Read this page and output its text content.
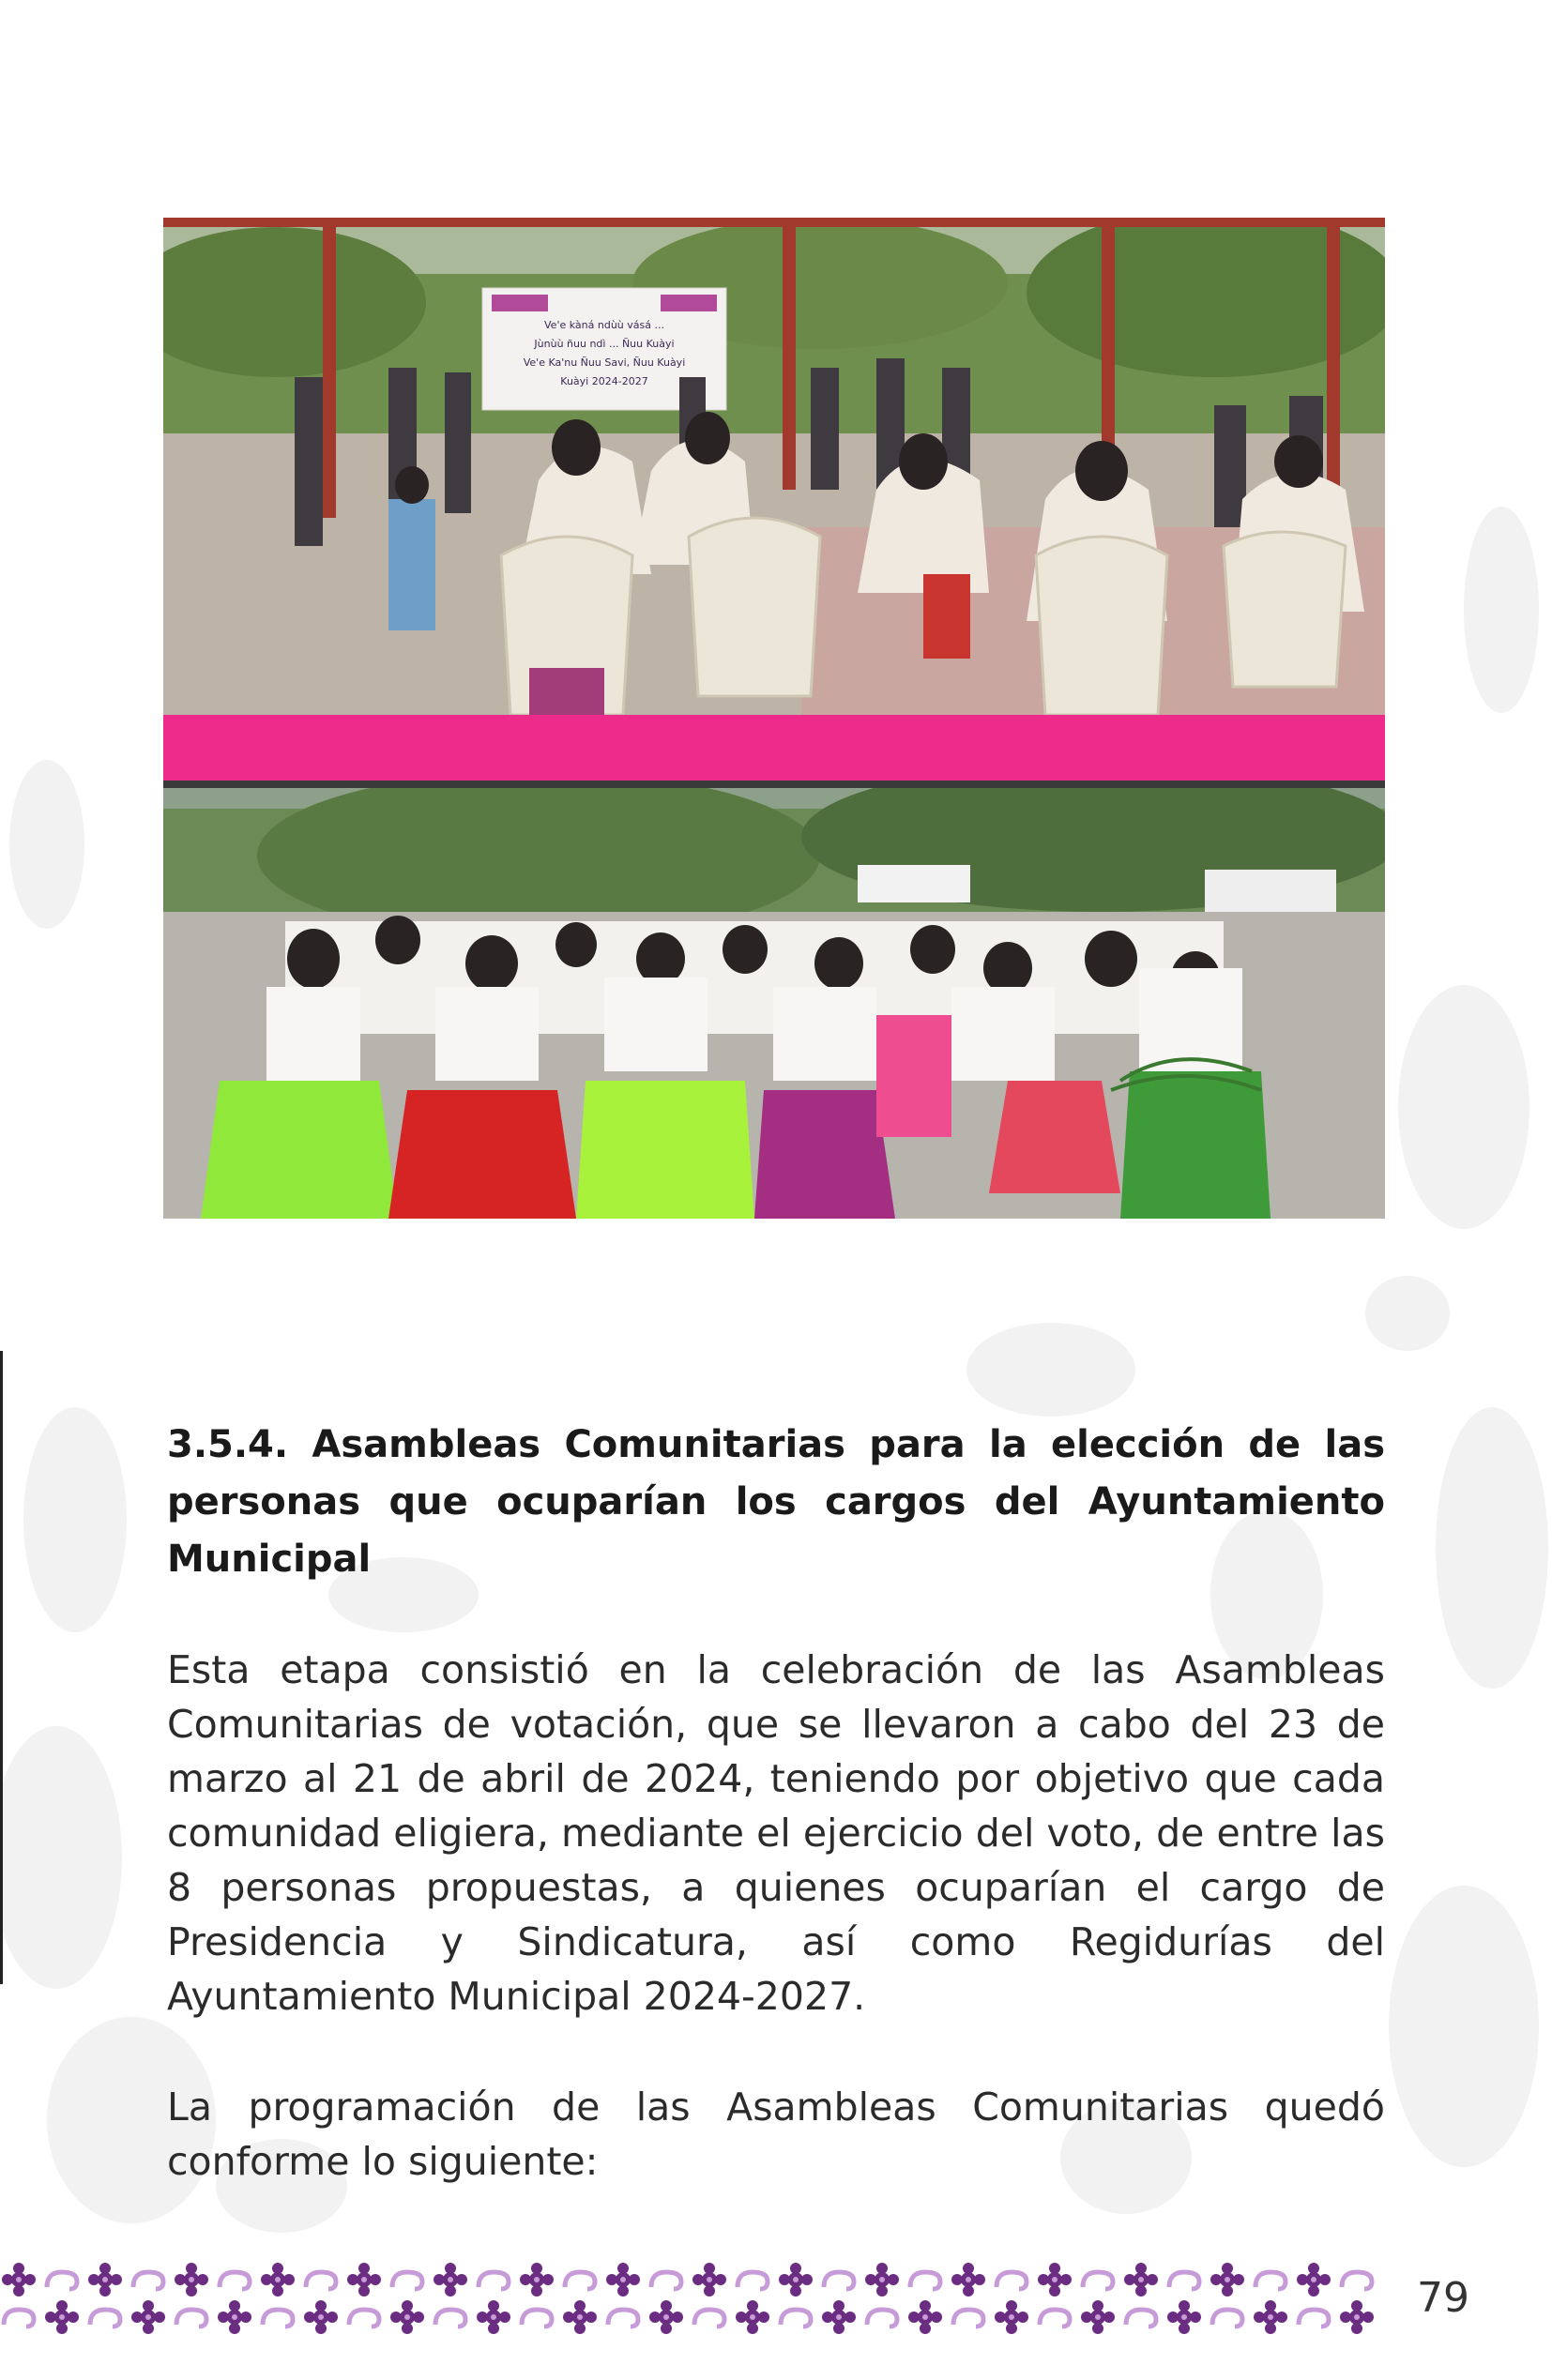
Ve'e kàná ndùù vásá ...
Jùnùù ñuu ndì ... Ñuu Kuàyi
Ve'e Ka'nu Ñuu Savi, Ñuu Kuàyi
Kuàyi 2024-2027
3.5.4. Asambleas Comunitarias para la elección de las personas que ocuparían los cargos del Ayuntamiento Municipal

Esta etapa consistió en la celebración de las Asambleas Comunitarias de votación, que se llevaron a cabo del 23 de marzo al 21 de abril de 2024, teniendo por objetivo que cada comunidad eligiera, mediante el ejercicio del voto, de entre las 8 personas propuestas, a quienes ocuparían el cargo de Presidencia y Sindicatura, así como Regidurías del Ayuntamiento Municipal 2024-2027.

La programación de las Asambleas Comunitarias quedó conforme lo siguiente:

79
